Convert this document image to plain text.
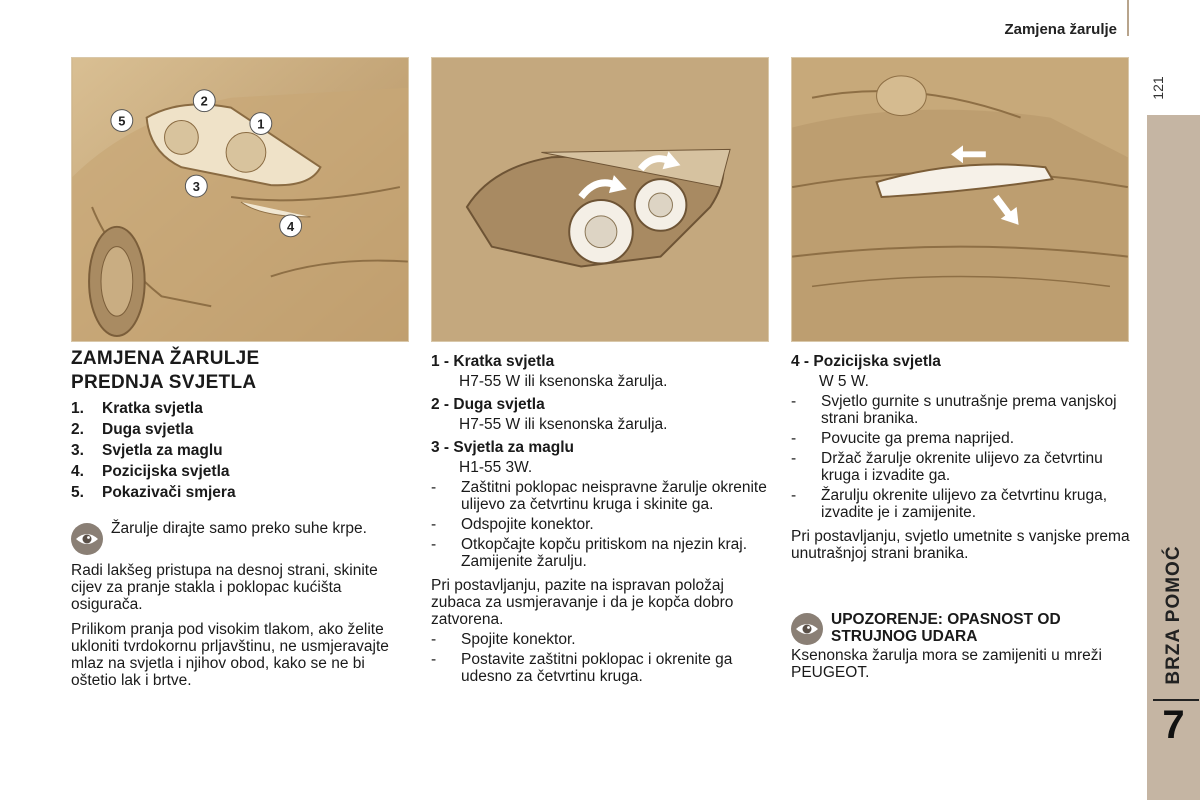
Zamjena žarulje
121
BRZA POMOĆ
7
1
2
3
4
5
ZAMJENA ŽARULJE
PREDNJA SVJETLA
1.	Kratka svjetla
2.	Duga svjetla
3.	Svjetla za maglu
4.	Pozicijska svjetla
5.	Pokazivači smjera
Žarulje dirajte samo preko suhe krpe.
Radi lakšeg pristupa na desnoj strani, skinite cijev za pranje stakla i poklopac kućišta osigurača.
Prilikom pranja pod visokim tlakom, ako želite ukloniti tvrdokornu prljavštinu, ne usmjeravajte mlaz na svjetla i njihov obod, kako se ne bi oštetio lak i brtve.
1 - Kratka svjetla
H7-55 W ili ksenonska žarulja.
2 - Duga svjetla
H7-55 W ili ksenonska žarulja.
3 - Svjetla za maglu
H1-55 3W.
-	Zaštitni poklopac neispravne žarulje okrenite ulijevo za četvrtinu kruga i skinite ga.
-	Odspojite konektor.
-	Otkopčajte kopču pritiskom na njezin kraj. Zamijenite žarulju.
Pri postavljanju, pazite na ispravan položaj zubaca za usmjeravanje i da je kopča dobro zatvorena.
-	Spojite konektor.
-	Postavite zaštitni poklopac i okrenite ga udesno za četvrtinu kruga.
4 - Pozicijska svjetla
W 5 W.
-	Svjetlo gurnite s unutrašnje prema vanjskoj strani branika.
-	Povucite ga prema naprijed.
-	Držač žarulje okrenite ulijevo za četvrtinu kruga i izvadite ga.
-	Žarulju okrenite ulijevo za četvrtinu kruga, izvadite je i zamijenite.
Pri postavljanju, svjetlo umetnite s vanjske prema unutrašnjoj strani branika.
UPOZORENJE: OPASNOST OD STRUJNOG UDARA
Ksenonska žarulja mora se zamijeniti u mreži PEUGEOT.
